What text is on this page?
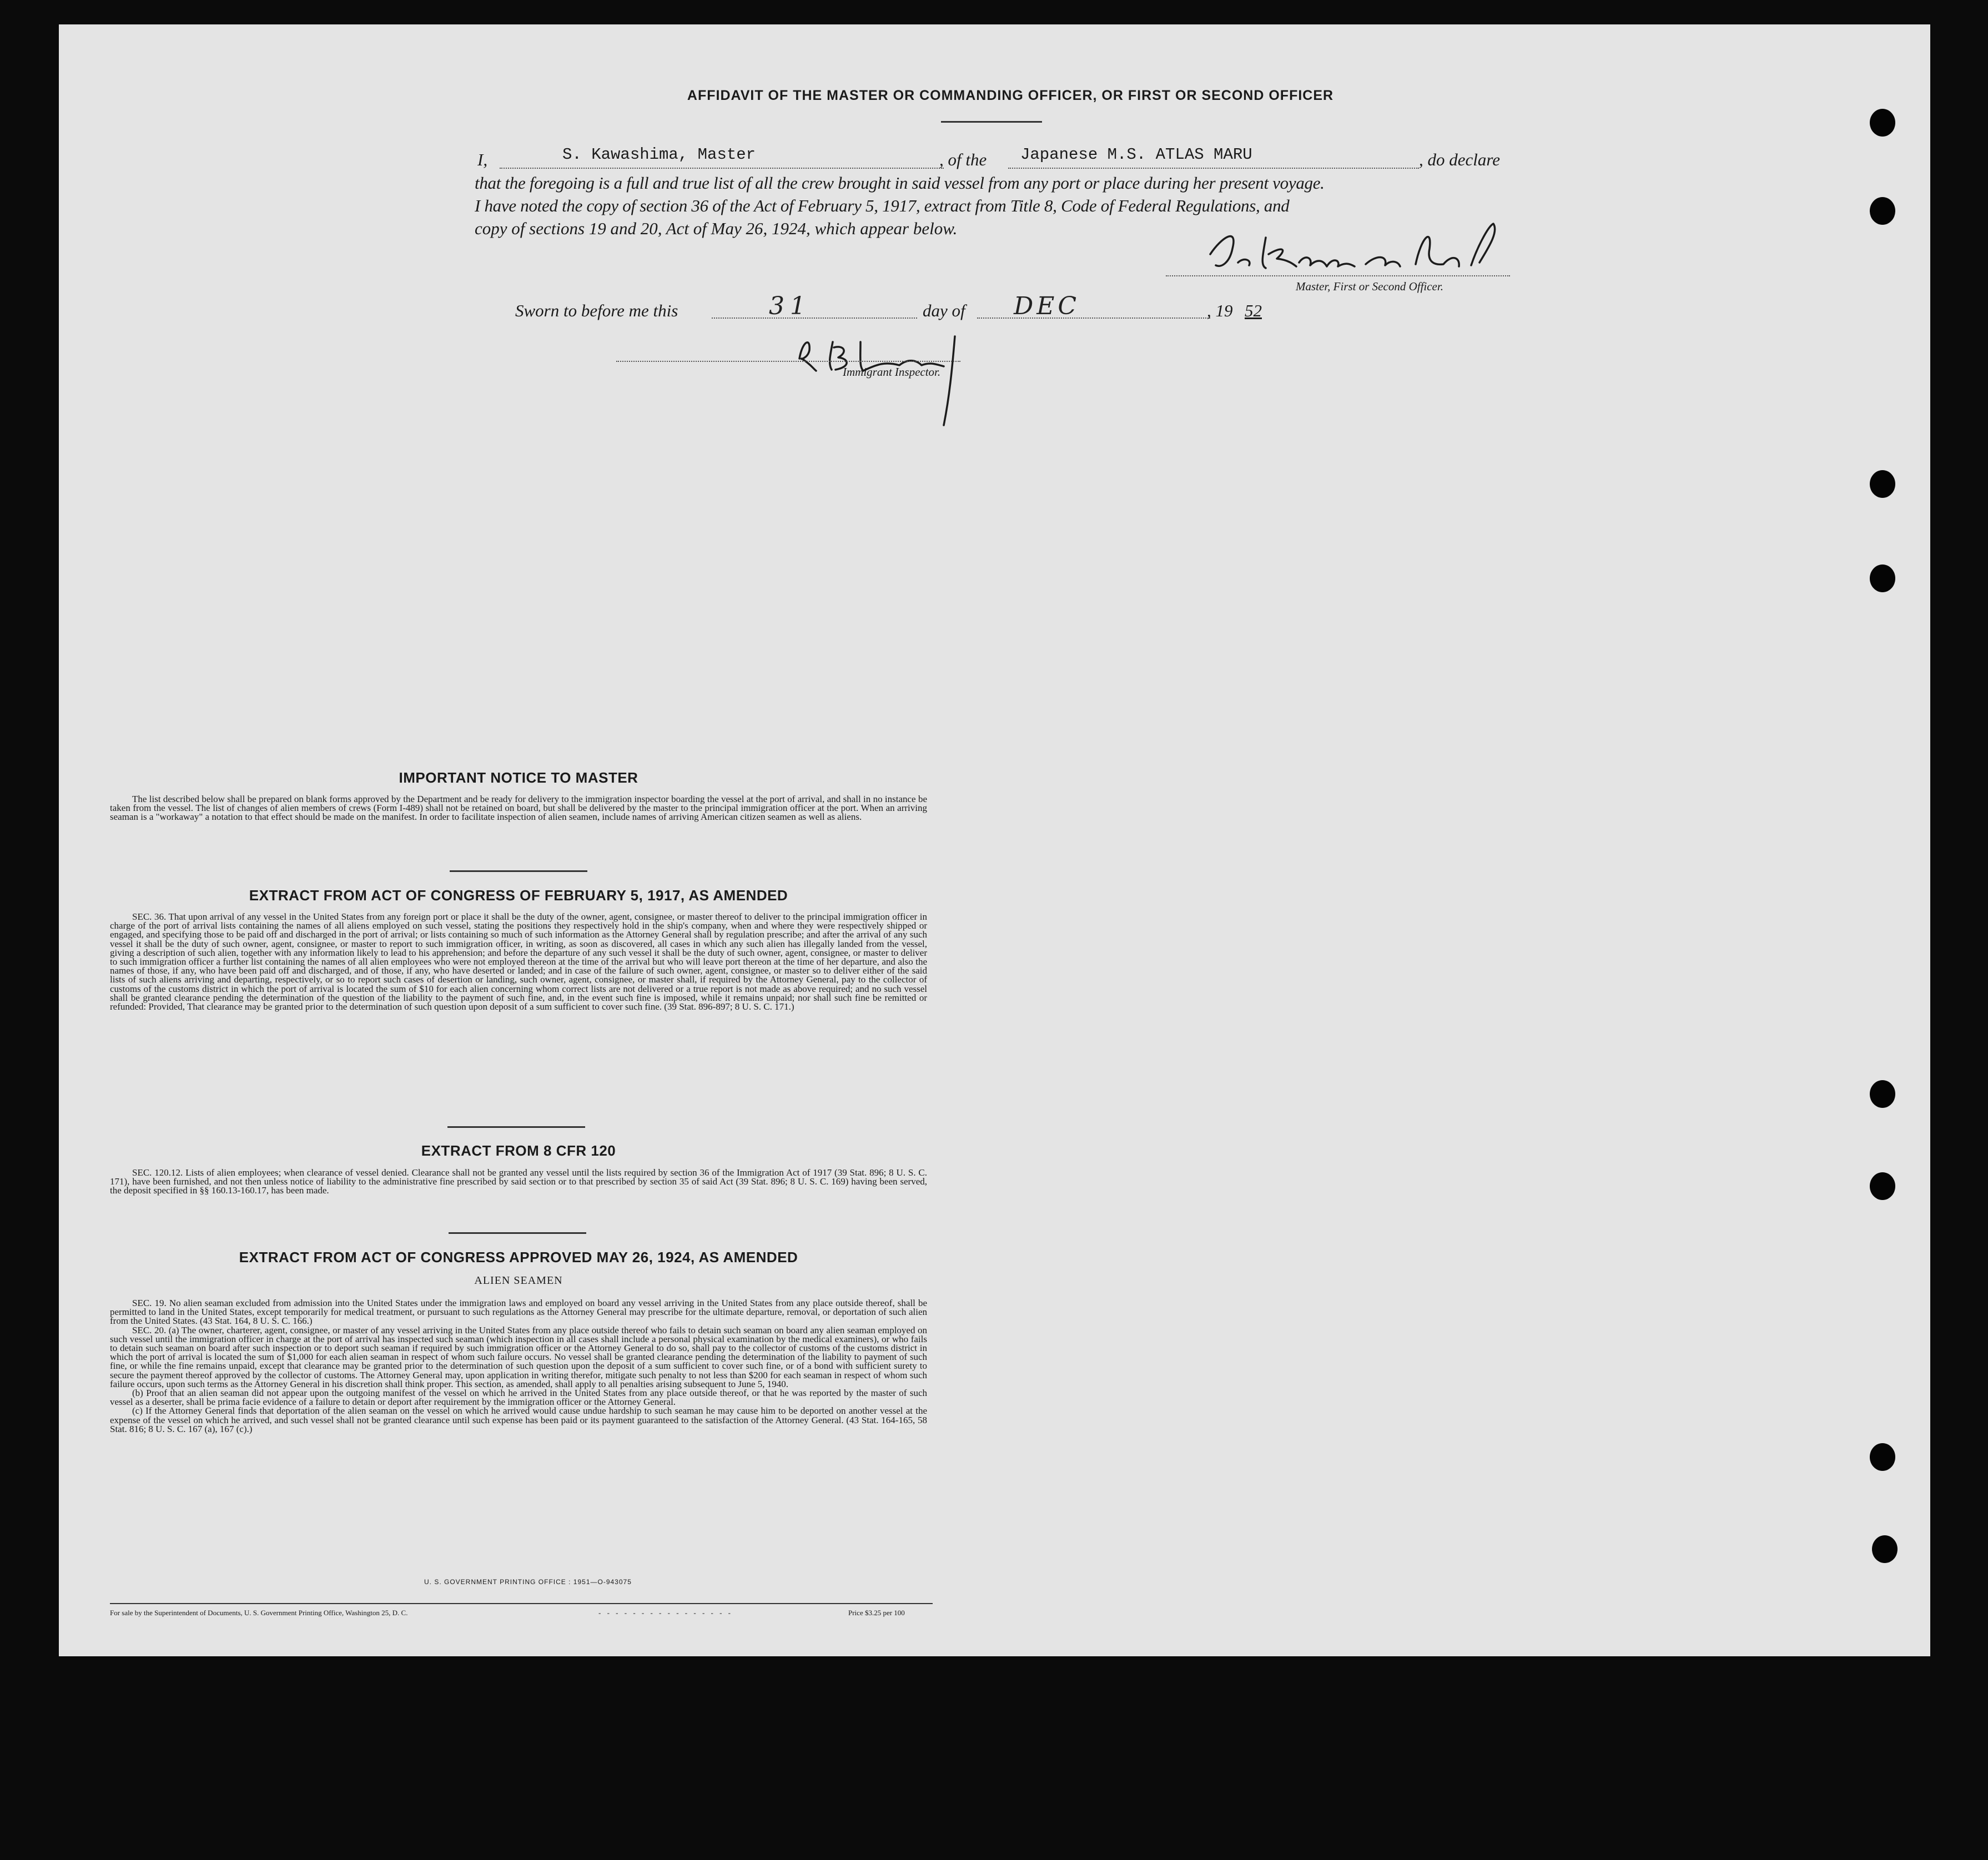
AFFIDAVIT OF THE MASTER OR COMMANDING OFFICER, OR FIRST OR SECOND OFFICER
I,	S. Kawashima, Master	, of the Japanese M.S. ATLAS MARU	, do declare
that the foregoing is a full and true list of all the crew brought in said vessel from any port or place during her present voyage.
I have noted the copy of section 36 of the Act of February 5, 1917, extract from Title 8, Code of Federal Regulations, and
copy of sections 19 and 20, Act of May 26, 1924, which appear below.
Master, First or Second Officer.
Sworn to before me this	31	day of DEC	, 19 52
Immigrant Inspector.
IMPORTANT NOTICE TO MASTER

The list described below shall be prepared on blank forms approved by the Department and be ready for delivery to the immigration inspector boarding the vessel at the port of arrival, and shall in no instance be taken from the vessel. The list of changes of alien members of crews (Form I-489) shall not be retained on board, but shall be delivered by the master to the principal immigration officer at the port. When an arriving seaman is a "workaway" a notation to that effect should be made on the manifest. In order to facilitate inspection of alien seamen, include names of arriving American citizen seamen as well as aliens.

EXTRACT FROM ACT OF CONGRESS OF FEBRUARY 5, 1917, AS AMENDED

SEC. 36. That upon arrival of any vessel in the United States from any foreign port or place it shall be the duty of the owner, agent, consignee, or master thereof to deliver to the principal immigration officer in charge of the port of arrival lists containing the names of all aliens employed on such vessel, stating the positions they respectively hold in the ship's company, when and where they were respectively shipped or engaged, and specifying those to be paid off and discharged in the port of arrival; or lists containing so much of such information as the Attorney General shall by regulation prescribe; and after the arrival of any such vessel it shall be the duty of such owner, agent, consignee, or master to report to such immigration officer, in writing, as soon as discovered, all cases in which any such alien has illegally landed from the vessel, giving a description of such alien, together with any information likely to lead to his apprehension; and before the departure of any such vessel it shall be the duty of such owner, agent, consignee, or master to deliver to such immigration officer a further list containing the names of all alien employees who were not employed thereon at the time of the arrival but who will leave port thereon at the time of her departure, and also the names of those, if any, who have been paid off and discharged, and of those, if any, who have deserted or landed; and in case of the failure of such owner, agent, consignee, or master so to deliver either of the said lists of such aliens arriving and departing, respectively, or so to report such cases of desertion or landing, such owner, agent, consignee, or master shall, if required by the Attorney General, pay to the collector of customs of the customs district in which the port of arrival is located the sum of $10 for each alien concerning whom correct lists are not delivered or a true report is not made as above required; and no such vessel shall be granted clearance pending the determination of the question of the liability to the payment of such fine, and, in the event such fine is imposed, while it remains unpaid; nor shall such fine be remitted or refunded: Provided, That clearance may be granted prior to the determination of such question upon deposit of a sum sufficient to cover such fine. (39 Stat. 896-897; 8 U. S. C. 171.)

EXTRACT FROM 8 CFR 120

SEC. 120.12. Lists of alien employees; when clearance of vessel denied. Clearance shall not be granted any vessel until the lists required by section 36 of the Immigration Act of 1917 (39 Stat. 896; 8 U. S. C. 171), have been furnished, and not then unless notice of liability to the administrative fine prescribed by said section or to that prescribed by section 35 of said Act (39 Stat. 896; 8 U. S. C. 169) having been served, the deposit specified in §§ 160.13-160.17, has been made.

EXTRACT FROM ACT OF CONGRESS APPROVED MAY 26, 1924, AS AMENDED
ALIEN SEAMEN

SEC. 19. No alien seaman excluded from admission into the United States under the immigration laws and employed on board any vessel arriving in the United States from any place outside thereof, shall be permitted to land in the United States, except temporarily for medical treatment, or pursuant to such regulations as the Attorney General may prescribe for the ultimate departure, removal, or deportation of such alien from the United States. (43 Stat. 164, 8 U. S. C. 166.)

SEC. 20. (a) The owner, charterer, agent, consignee, or master of any vessel arriving in the United States from any place outside thereof who fails to detain such seaman on board any alien seaman employed on such vessel until the immigration officer in charge at the port of arrival has inspected such seaman (which inspection in all cases shall include a personal physical examination by the medical examiners), or who fails to detain such seaman on board after such inspection or to deport such seaman if required by such immigration officer or the Attorney General to do so, shall pay to the collector of customs of the customs district in which the port of arrival is located the sum of $1,000 for each alien seaman in respect of whom such failure occurs. No vessel shall be granted clearance pending the determination of the liability to payment of such fine, or while the fine remains unpaid, except that clearance may be granted prior to the determination of such question upon the deposit of a sum sufficient to cover such fine, or of a bond with sufficient surety to secure the payment thereof approved by the collector of customs. The Attorney General may, upon application in writing therefor, mitigate such penalty to not less than $200 for each seaman in respect of whom such failure occurs, upon such terms as the Attorney General in his discretion shall think proper. This section, as amended, shall apply to all penalties arising subsequent to June 5, 1940.

(b) Proof that an alien seaman did not appear upon the outgoing manifest of the vessel on which he arrived in the United States from any place outside thereof, or that he was reported by the master of such vessel as a deserter, shall be prima facie evidence of a failure to detain or deport after requirement by the immigration officer or the Attorney General.

(c) If the Attorney General finds that deportation of the alien seaman on the vessel on which he arrived would cause undue hardship to such seaman he may cause him to be deported on another vessel at the expense of the vessel on which he arrived, and such vessel shall not be granted clearance until such expense has been paid or its payment guaranteed to the satisfaction of the Attorney General. (43 Stat. 164-165, 58 Stat. 816; 8 U. S. C. 167 (a), 167 (c).)

U. S. GOVERNMENT PRINTING OFFICE : 1951—O-943075
For sale by the Superintendent of Documents, U. S. Government Printing Office, Washington 25, D. C.	- - - - - - - - - - - - - - - -	Price $3.25 per 100
